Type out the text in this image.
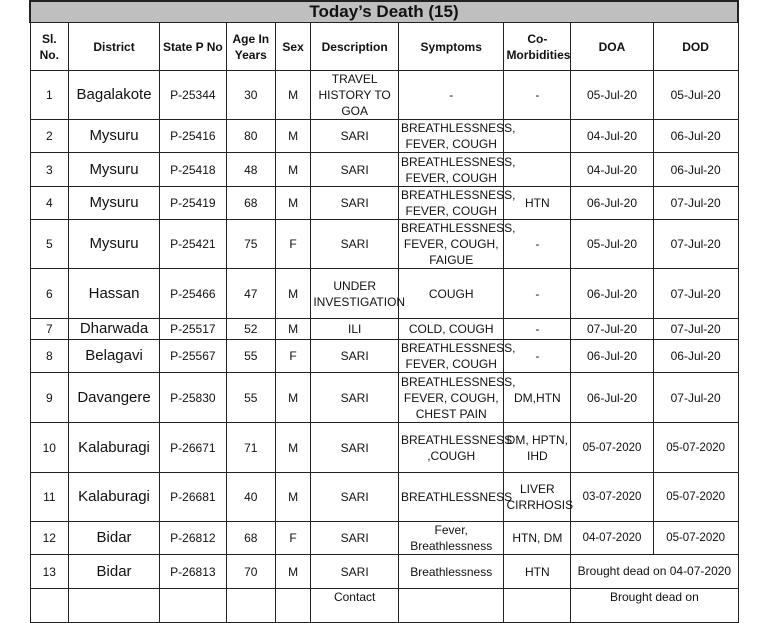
Today’s Death (15)									
Sl. No.	District	State P No	Age In Years	Sex	Description	Symptoms	Co-Morbidities	DOA	DOD
1	Bagalakote	P-25344	30	M	TRAVEL HISTORY TO GOA	-	-	05-Jul-20	05-Jul-20
2	Mysuru	P-25416	80	M	SARI	BREATHLESSNESS, FEVER, COUGH		04-Jul-20	06-Jul-20
3	Mysuru	P-25418	48	M	SARI	BREATHLESSNESS, FEVER, COUGH		04-Jul-20	06-Jul-20
4	Mysuru	P-25419	68	M	SARI	BREATHLESSNESS, FEVER, COUGH	HTN	06-Jul-20	07-Jul-20
5	Mysuru	P-25421	75	F	SARI	BREATHLESSNESS, FEVER, COUGH, FAIGUE	-	05-Jul-20	07-Jul-20
6	Hassan	P-25466	47	M	UNDER INVESTIGATION	COUGH	-	06-Jul-20	07-Jul-20
7	Dharwada	P-25517	52	M	ILI	COLD, COUGH	-	07-Jul-20	07-Jul-20
8	Belagavi	P-25567	55	F	SARI	BREATHLESSNESS, FEVER, COUGH	-	06-Jul-20	06-Jul-20
9	Davangere	P-25830	55	M	SARI	BREATHLESSNESS, FEVER, COUGH, CHEST PAIN	DM,HTN	06-Jul-20	07-Jul-20
10	Kalaburagi	P-26671	71	M	SARI	BREATHLESSNESS ,COUGH	DM, HPTN, IHD	05-07-2020	05-07-2020
11	Kalaburagi	P-26681	40	M	SARI	BREATHLESSNESS	LIVER CIRRHOSIS	03-07-2020	05-07-2020
12	Bidar	P-26812	68	F	SARI	Fever, Breathlessness	HTN, DM	04-07-2020	05-07-2020
13	Bidar	P-26813	70	M	SARI	Breathlessness	HTN	Brought dead on 04-07-2020	
					Contact			Brought dead on	
